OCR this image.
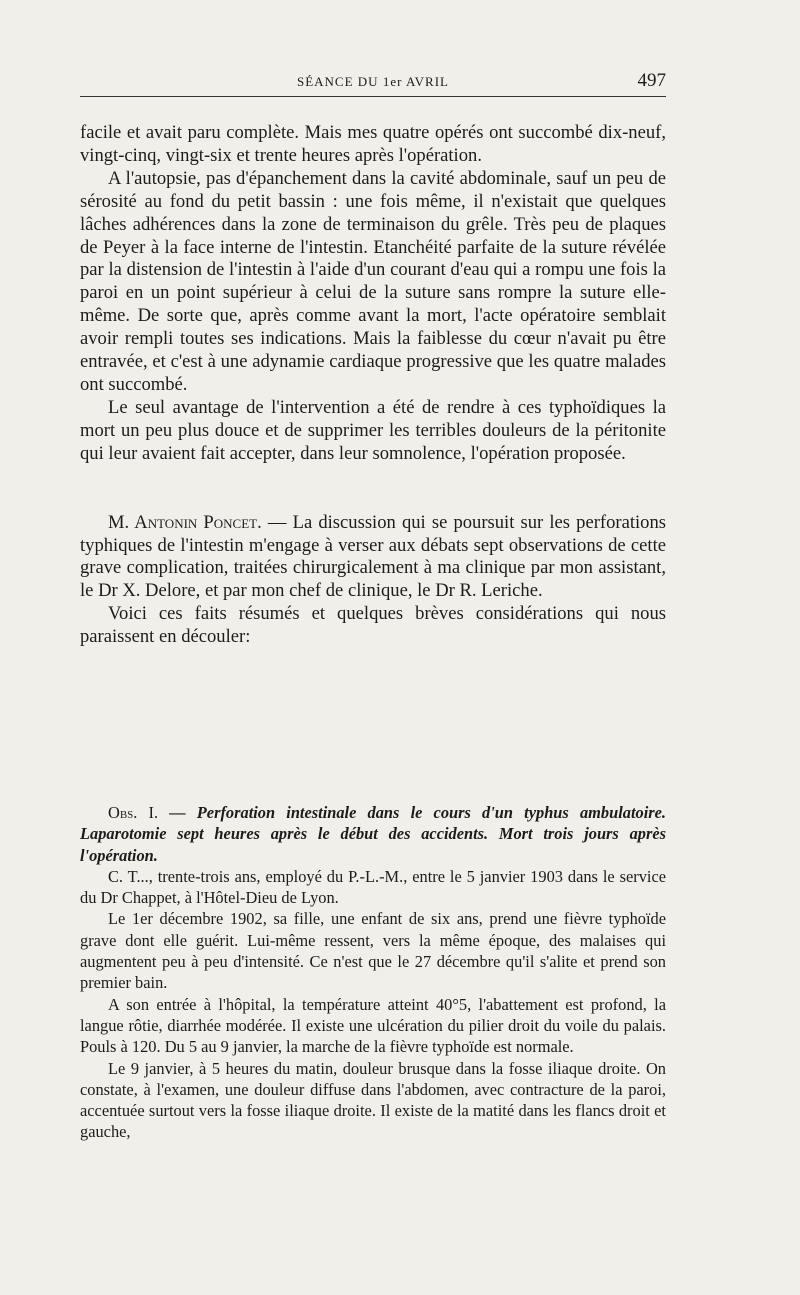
SÉANCE DU 1er AVRIL	497

facile et avait paru complète. Mais mes quatre opérés ont succombé dix-neuf, vingt-cinq, vingt-six et trente heures après l'opération.

A l'autopsie, pas d'épanchement dans la cavité abdominale, sauf un peu de sérosité au fond du petit bassin : une fois même, il n'existait que quelques lâches adhérences dans la zone de terminaison du grêle. Très peu de plaques de Peyer à la face interne de l'intestin. Etanchéité parfaite de la suture révélée par la distension de l'intestin à l'aide d'un courant d'eau qui a rompu une fois la paroi en un point supérieur à celui de la suture sans rompre la suture elle-même. De sorte que, après comme avant la mort, l'acte opératoire semblait avoir rempli toutes ses indications. Mais la faiblesse du cœur n'avait pu être entravée, et c'est à une adynamie cardiaque progressive que les quatre malades ont succombé.

Le seul avantage de l'intervention a été de rendre à ces typhoïdiques la mort un peu plus douce et de supprimer les terribles douleurs de la péritonite qui leur avaient fait accepter, dans leur somnolence, l'opération proposée.

M. Antonin Poncet. — La discussion qui se poursuit sur les perforations typhiques de l'intestin m'engage à verser aux débats sept observations de cette grave complication, traitées chirurgicalement à ma clinique par mon assistant, le Dr X. Delore, et par mon chef de clinique, le Dr R. Leriche.

Voici ces faits résumés et quelques brèves considérations qui nous paraissent en découler:

Obs. I. — Perforation intestinale dans le cours d'un typhus ambulatoire. Laparotomie sept heures après le début des accidents. Mort trois jours après l'opération.

C. T..., trente-trois ans, employé du P.-L.-M., entre le 5 janvier 1903 dans le service du Dr Chappet, à l'Hôtel-Dieu de Lyon.

Le 1er décembre 1902, sa fille, une enfant de six ans, prend une fièvre typhoïde grave dont elle guérit. Lui-même ressent, vers la même époque, des malaises qui augmentent peu à peu d'intensité. Ce n'est que le 27 décembre qu'il s'alite et prend son premier bain.

A son entrée à l'hôpital, la température atteint 40°5, l'abattement est profond, la langue rôtie, diarrhée modérée. Il existe une ulcération du pilier droit du voile du palais. Pouls à 120. Du 5 au 9 janvier, la marche de la fièvre typhoïde est normale.

Le 9 janvier, à 5 heures du matin, douleur brusque dans la fosse iliaque droite. On constate, à l'examen, une douleur diffuse dans l'abdomen, avec contracture de la paroi, accentuée surtout vers la fosse iliaque droite. Il existe de la matité dans les flancs droit et gauche,
